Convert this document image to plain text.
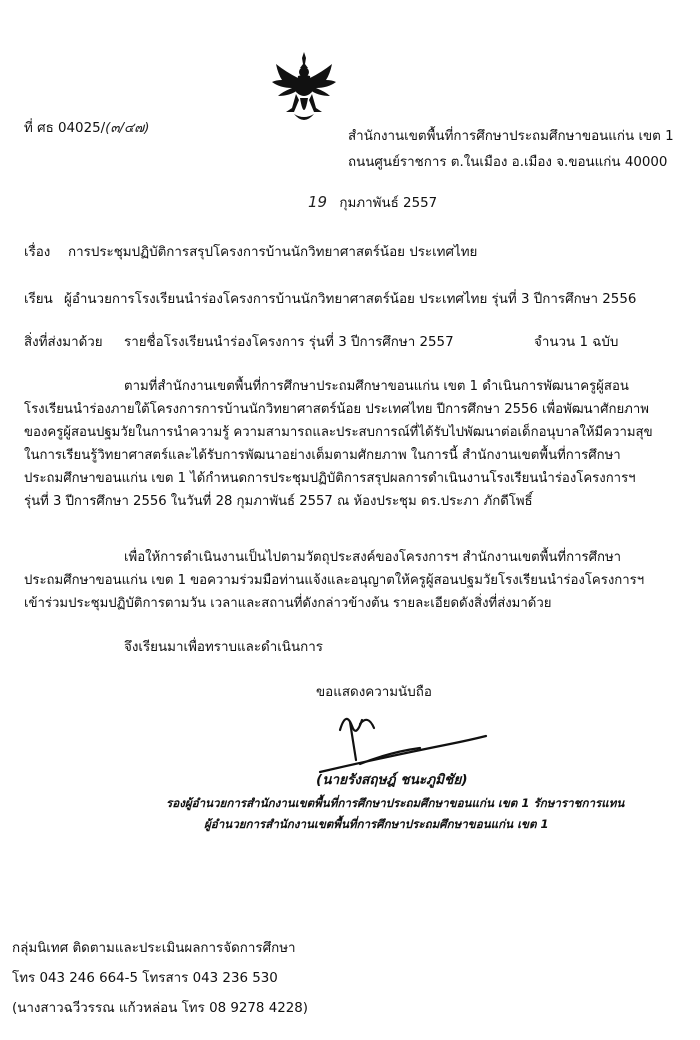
ที่ ศธ 04025/(๓/๔๗)
สำนักงานเขตพื้นที่การศึกษาประถมศึกษาขอนแก่น เขต 1
ถนนศูนย์ราชการ ต.ในเมือง อ.เมือง จ.ขอนแก่น 40000
19 กุมภาพันธ์ 2557
เรื่อง การประชุมปฏิบัติการสรุปโครงการบ้านนักวิทยาศาสตร์น้อย ประเทศไทย
เรียน ผู้อำนวยการโรงเรียนนำร่องโครงการบ้านนักวิทยาศาสตร์น้อย ประเทศไทย รุ่นที่ 3 ปีการศึกษา 2556
สิ่งที่ส่งมาด้วย รายชื่อโรงเรียนนำร่องโครงการ รุ่นที่ 3 ปีการศึกษา 2557	จำนวน 1 ฉบับ
ตามที่สำนักงานเขตพื้นที่การศึกษาประถมศึกษาขอนแก่น เขต 1 ดำเนินการพัฒนาครูผู้สอน
โรงเรียนนำร่องภายใต้โครงการการบ้านนักวิทยาศาสตร์น้อย ประเทศไทย ปีการศึกษา 2556 เพื่อพัฒนาศักยภาพ
ของครูผู้สอนปฐมวัยในการนำความรู้ ความสามารถและประสบการณ์ที่ได้รับไปพัฒนาต่อเด็กอนุบาลให้มีความสุข
ในการเรียนรู้วิทยาศาสตร์และได้รับการพัฒนาอย่างเต็มตามศักยภาพ ในการนี้ สำนักงานเขตพื้นที่การศึกษา
ประถมศึกษาขอนแก่น เขต 1 ได้กำหนดการประชุมปฏิบัติการสรุปผลการดำเนินงานโรงเรียนนำร่องโครงการฯ
รุ่นที่ 3 ปีการศึกษา 2556 ในวันที่ 28 กุมภาพันธ์ 2557 ณ ห้องประชุม ดร.ประภา ภักดีโพธิ์
เพื่อให้การดำเนินงานเป็นไปตามวัตถุประสงค์ของโครงการฯ สำนักงานเขตพื้นที่การศึกษา
ประถมศึกษาขอนแก่น เขต 1 ขอความร่วมมือท่านแจ้งและอนุญาตให้ครูผู้สอนปฐมวัยโรงเรียนนำร่องโครงการฯ
เข้าร่วมประชุมปฏิบัติการตามวัน เวลาและสถานที่ดังกล่าวข้างต้น รายละเอียดดังสิ่งที่ส่งมาด้วย
จึงเรียนมาเพื่อทราบและดำเนินการ
ขอแสดงความนับถือ
(นายรังสฤษฎ์ ชนะภูมิชัย)
รองผู้อำนวยการสำนักงานเขตพื้นที่การศึกษาประถมศึกษาขอนแก่น เขต 1 รักษาราชการแทน
ผู้อำนวยการสำนักงานเขตพื้นที่การศึกษาประถมศึกษาขอนแก่น เขต 1
กลุ่มนิเทศ ติดตามและประเมินผลการจัดการศึกษา
โทร 043 246 664-5 โทรสาร 043 236 530
(นางสาวฉวีวรรณ แก้วหล่อน โทร 08 9278 4228)
